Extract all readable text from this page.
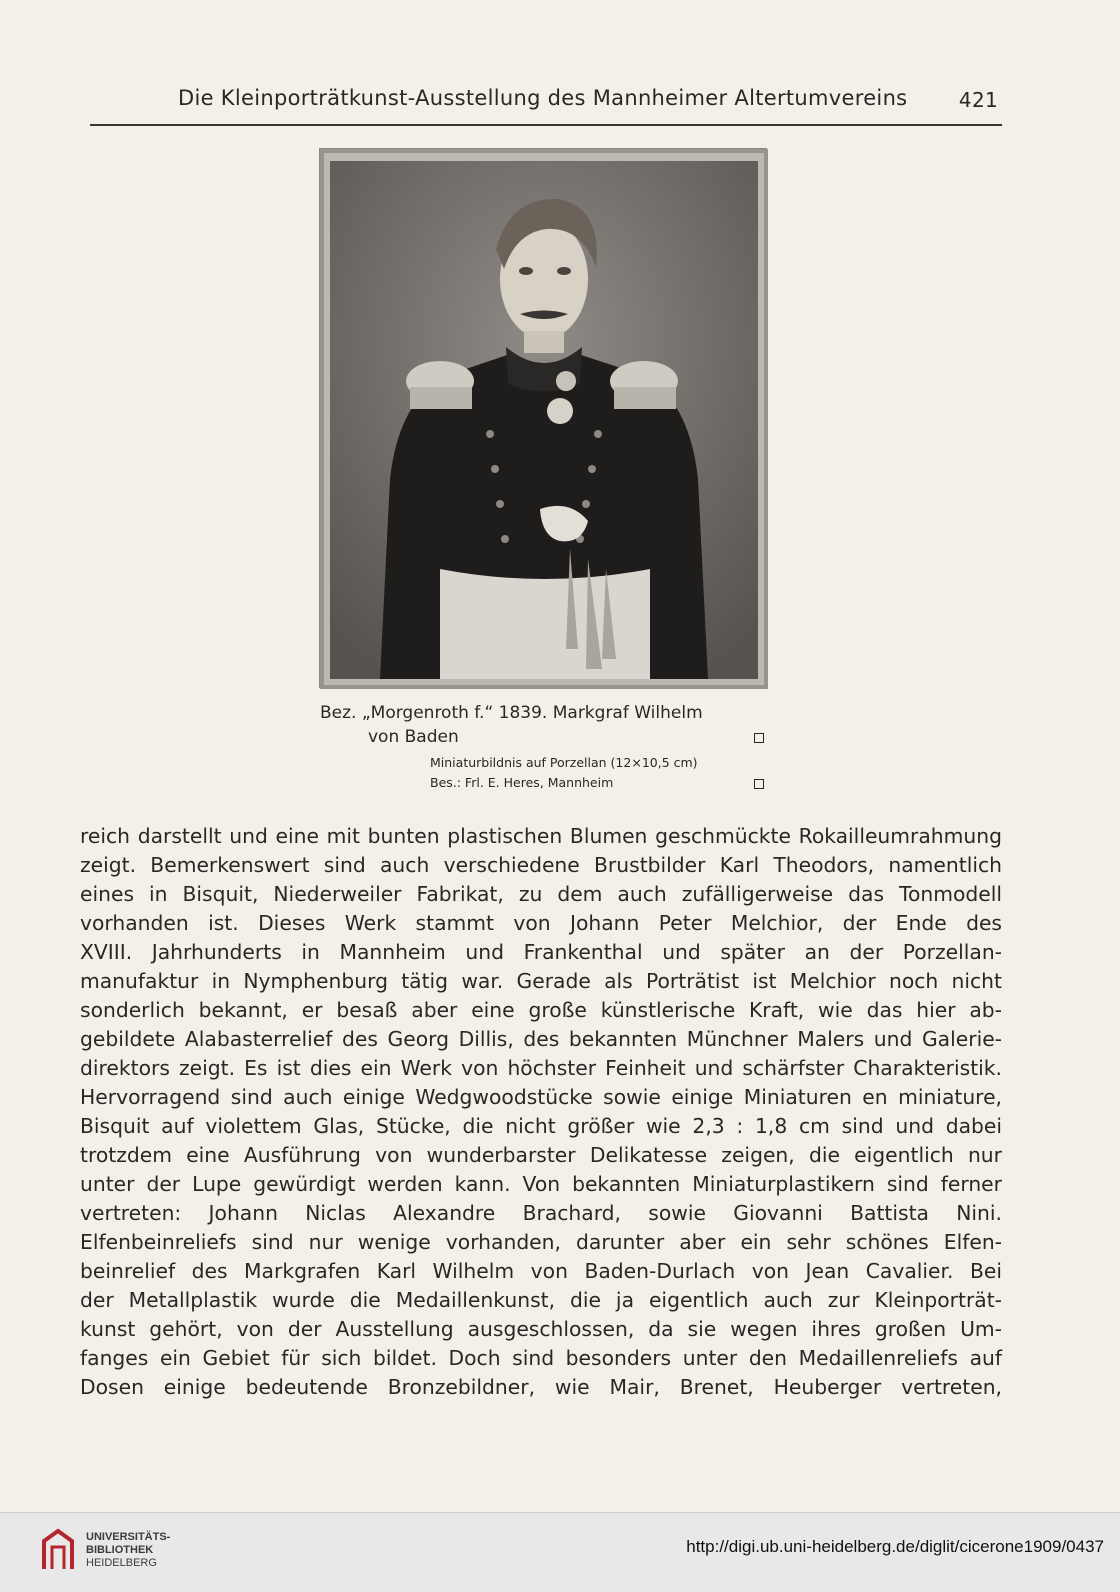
Die Kleinporträtkunst-Ausstellung des Mannheimer Altertumvereins	421
Bez. „Morgenroth f.“ 1839. Markgraf Wilhelm
von Baden
Miniaturbildnis auf Porzellan (12×10,5 cm)
Bes.: Frl. E. Heres, Mannheim
reich darstellt und eine mit bunten plastischen Blumen geschmückte Rokailleumrahmung
zeigt. Bemerkenswert sind auch verschiedene Brustbilder Karl Theodors, namentlich
eines in Bisquit, Niederweiler Fabrikat, zu dem auch zufälligerweise das Tonmodell
vorhanden ist. Dieses Werk stammt von Johann Peter Melchior, der Ende des
XVIII. Jahrhunderts in Mannheim und Frankenthal und später an der Porzellan-
manufaktur in Nymphenburg tätig war. Gerade als Porträtist ist Melchior noch nicht
sonderlich bekannt, er besaß aber eine große künstlerische Kraft, wie das hier ab-
gebildete Alabasterrelief des Georg Dillis, des bekannten Münchner Malers und Galerie-
direktors zeigt. Es ist dies ein Werk von höchster Feinheit und schärfster Charakteristik.
Hervorragend sind auch einige Wedgwoodstücke sowie einige Miniaturen en miniature,
Bisquit auf violettem Glas, Stücke, die nicht größer wie 2,3 : 1,8 cm sind und dabei
trotzdem eine Ausführung von wunderbarster Delikatesse zeigen, die eigentlich nur
unter der Lupe gewürdigt werden kann. Von bekannten Miniaturplastikern sind ferner
vertreten: Johann Niclas Alexandre Brachard, sowie Giovanni Battista Nini.
Elfenbeinreliefs sind nur wenige vorhanden, darunter aber ein sehr schönes Elfen-
beinrelief des Markgrafen Karl Wilhelm von Baden-Durlach von Jean Cavalier. Bei
der Metallplastik wurde die Medaillenkunst, die ja eigentlich auch zur Kleinporträt-
kunst gehört, von der Ausstellung ausgeschlossen, da sie wegen ihres großen Um-
fanges ein Gebiet für sich bildet. Doch sind besonders unter den Medaillenreliefs auf
Dosen einige bedeutende Bronzebildner, wie Mair, Brenet, Heuberger vertreten,
UNIVERSITÄTS-
BIBLIOTHEK
HEIDELBERG
http://digi.ub.uni-heidelberg.de/diglit/cicerone1909/0437
